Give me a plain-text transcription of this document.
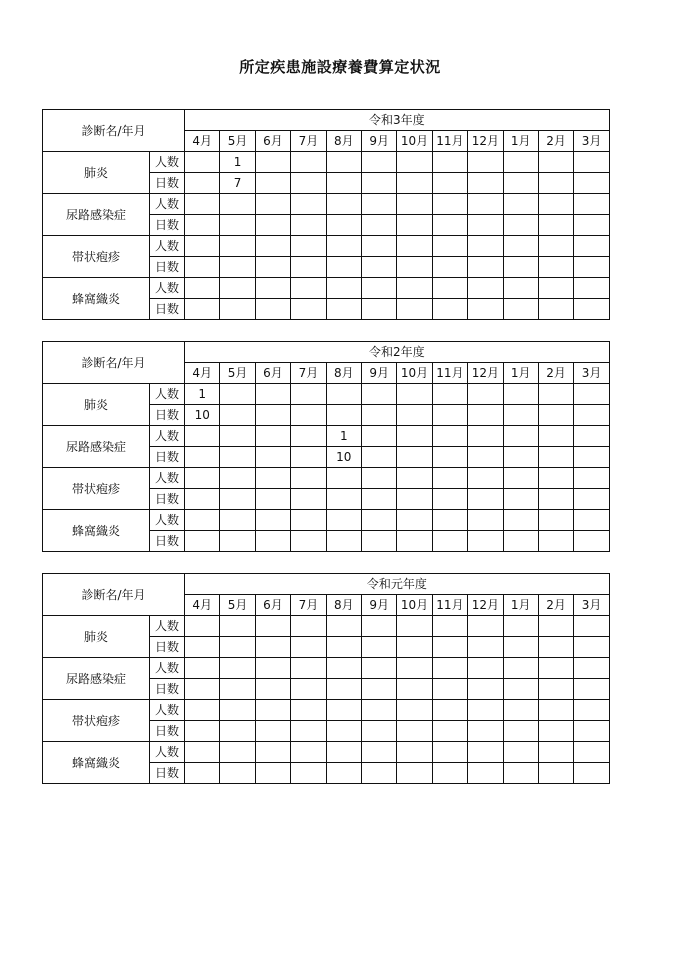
所定疾患施設療養費算定状況
診断名/年月		令和3年度											
		4月	5月	6月	7月	8月	9月	10月	11月	12月	1月	2月	3月
肺炎	人数		1										
	日数		7										
尿路感染症	人数												
	日数												
帯状疱疹	人数												
	日数												
蜂窩織炎	人数												
	日数												
診断名/年月		令和2年度											
		4月	5月	6月	7月	8月	9月	10月	11月	12月	1月	2月	3月
肺炎	人数	1											
	日数	10											
尿路感染症	人数					1							
	日数					10							
帯状疱疹	人数												
	日数												
蜂窩織炎	人数												
	日数												
診断名/年月		令和元年度											
		4月	5月	6月	7月	8月	9月	10月	11月	12月	1月	2月	3月
肺炎	人数												
	日数												
尿路感染症	人数												
	日数												
帯状疱疹	人数												
	日数												
蜂窩織炎	人数												
	日数												
